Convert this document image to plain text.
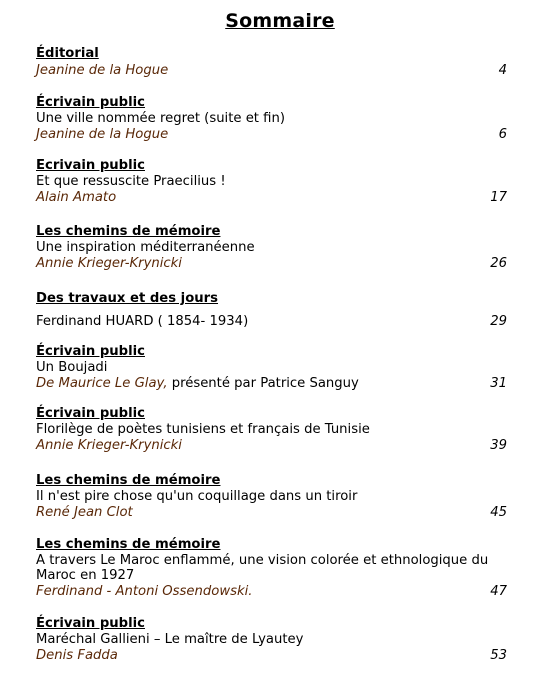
Sommaire
Éditorial
Jeanine de la Hogue	4
Écrivain public
Une ville nommée regret (suite et fin)
Jeanine de la Hogue	6
Ecrivain public
Et que ressuscite Praecilius !
Alain Amato	17
Les chemins de mémoire
Une inspiration méditerranéenne
Annie Krieger-Krynicki	26
Des travaux et des jours
Ferdinand HUARD ( 1854- 1934)	29
Écrivain public
Un Boujadi
De Maurice Le Glay, présenté par Patrice Sanguy	31
Écrivain public
Florilège de poètes tunisiens et français de Tunisie
Annie Krieger-Krynicki	39
Les chemins de mémoire
Il n'est pire chose qu'un coquillage dans un tiroir
René Jean Clot	45
Les chemins de mémoire
A travers Le Maroc enflammé, une vision colorée et ethnologique du Maroc en 1927
Ferdinand - Antoni Ossendowski.	47
Écrivain public
Maréchal Gallieni – Le maître de Lyautey
Denis Fadda	53
